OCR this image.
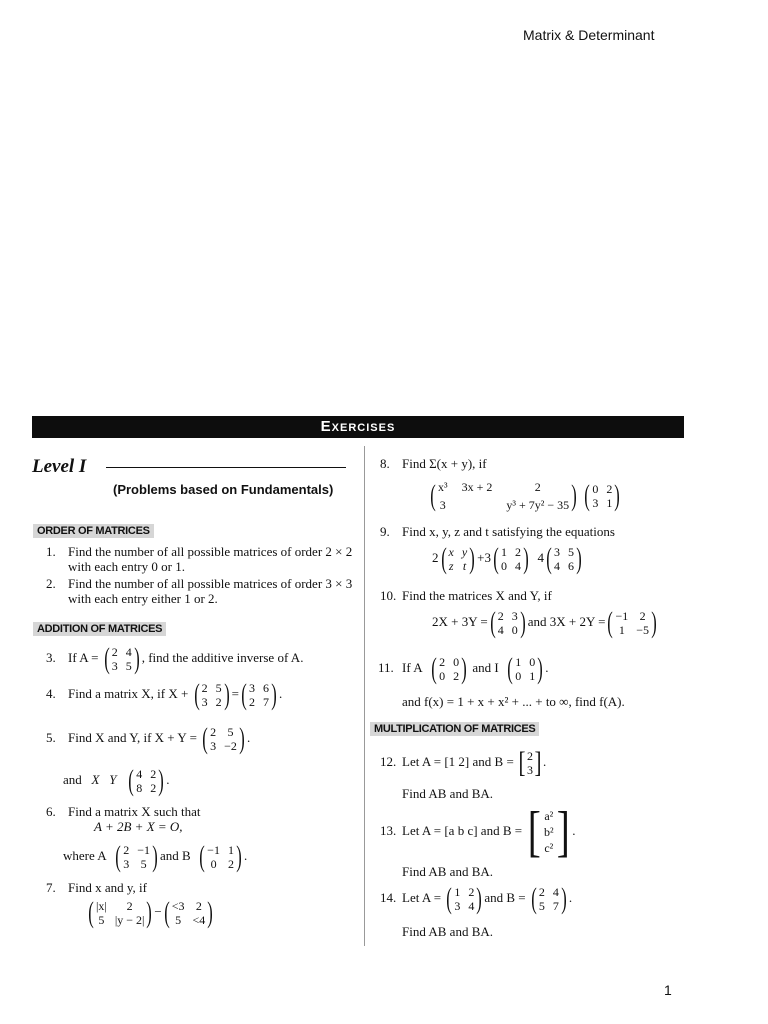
Matrix & Determinant
Exercises
Level I
(Problems based on Fundamentals)
ORDER OF MATRICES
1. Find the number of all possible matrices of order 2 × 2
with each entry 0 or 1.
2. Find the number of all possible matrices of order 3 × 3
with each entry either 1 or 2.
ADDITION OF MATRICES
3. If A = ( 2 4
3 5 ) , find the additive inverse of A.
4. Find a matrix X, if X + ( 2 5
3 2 ) = ( 3 6
2 7 ) .
5. Find X and Y, if X + Y = ( 2 5
3 −2 ) .
and X Y ( 4 2
8 2 ) .
6. Find a matrix X such that
A + 2B + X = O,
where A ( 2 −1
3 5 ) and B ( −1 1
0 2 ) .
7. Find x and y, if
( |x|	2
5 |y − 2| ) − ( <3 2
5 <4 )
8. Find Σ(x + y), if
( x³ 3x + 2	2
3	y³ + 7y² − 35 )
( 0 2
3 1 )
9. Find x, y, z and t satisfying the equations
2 ( x y
z t ) +3 ( 1 2
0 4 ) 4 ( 3 5
4 6 )
10. Find the matrices X and Y, if
2X + 3Y = ( 2 3
4 0 ) and 3X + 2Y = ( −1 2
1 −5 )
11. If A ( 2 0
0 2 ) and I ( 1 0
0 1 ) .
and f(x) = 1 + x + x² + ... + to ∞, find f(A).
MULTIPLICATION OF MATRICES
12. Let A = [1 2] and B = [ 2
3 ] .
Find AB and BA.
13. Let A = [a b c] and B = [ a²
b²
c² ] .
Find AB and BA.
14. Let A = ( 1 2
3 4 ) and B = ( 2 4
5 7 ) .
Find AB and BA.
1
